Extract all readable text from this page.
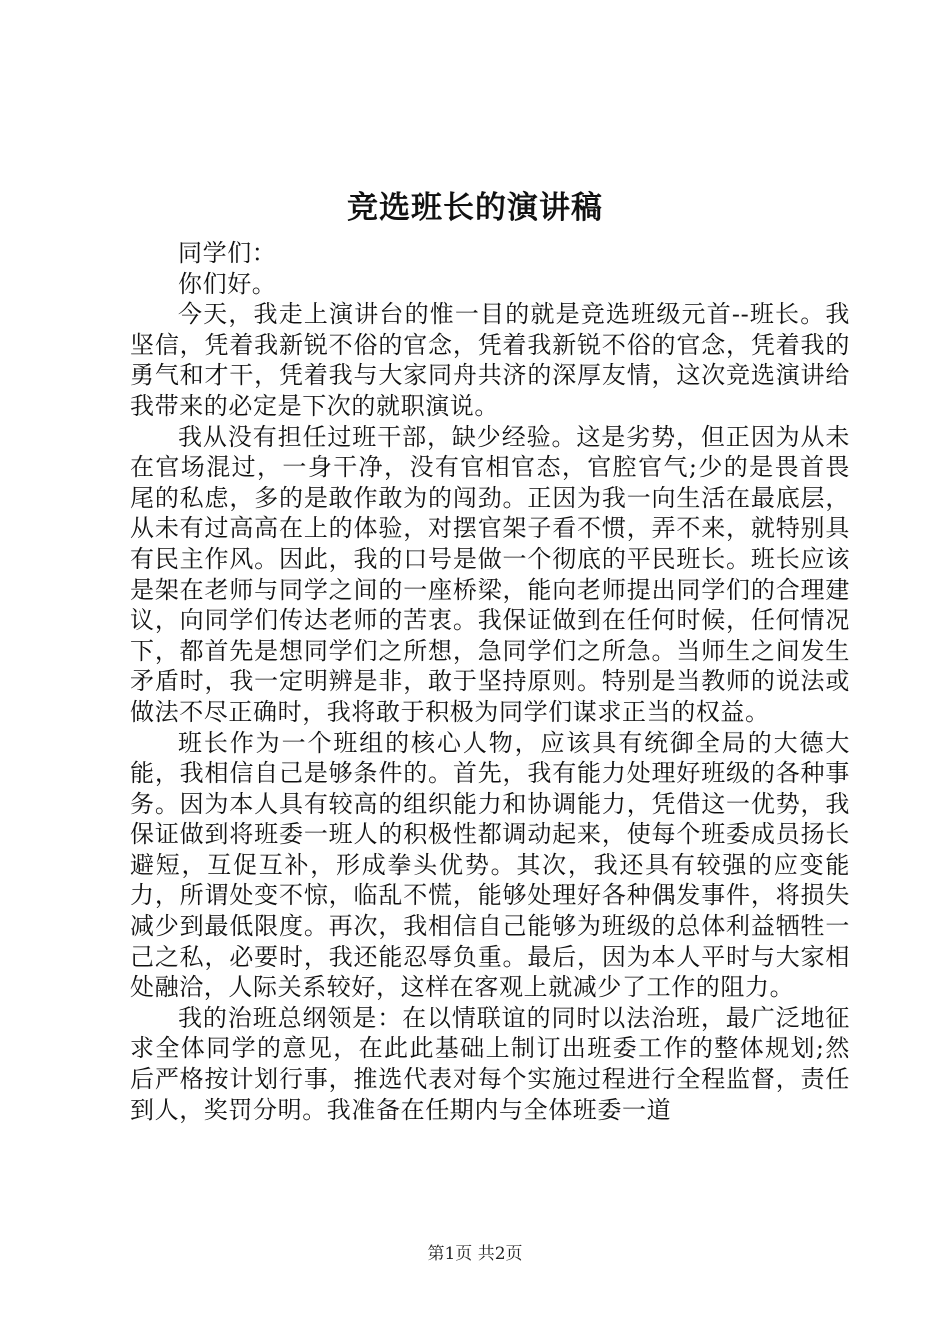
竞选班长的演讲稿

同学们：

你们好。

今天，我走上演讲台的惟一目的就是竞选班级元首--班长。我坚信，凭着我新锐不俗的官念，凭着我新锐不俗的官念，凭着我的勇气和才干，凭着我与大家同舟共济的深厚友情，这次竞选演讲给我带来的必定是下次的就职演说。

我从没有担任过班干部，缺少经验。这是劣势，但正因为从未在官场混过，一身干净，没有官相官态，官腔官气;少的是畏首畏尾的私虑，多的是敢作敢为的闯劲。正因为我一向生活在最底层，从未有过高高在上的体验，对摆官架子看不惯，弄不来，就特别具有民主作风。因此，我的口号是做一个彻底的平民班长。班长应该是架在老师与同学之间的一座桥梁，能向老师提出同学们的合理建议，向同学们传达老师的苦衷。我保证做到在任何时候，任何情况下，都首先是想同学们之所想，急同学们之所急。当师生之间发生矛盾时，我一定明辨是非，敢于坚持原则。特别是当教师的说法或做法不尽正确时，我将敢于积极为同学们谋求正当的权益。

班长作为一个班组的核心人物，应该具有统御全局的大德大能，我相信自己是够条件的。首先，我有能力处理好班级的各种事务。因为本人具有较高的组织能力和协调能力，凭借这一优势，我保证做到将班委一班人的积极性都调动起来，使每个班委成员扬长避短，互促互补，形成拳头优势。其次，我还具有较强的应变能力，所谓处变不惊，临乱不慌，能够处理好各种偶发事件，将损失减少到最低限度。再次，我相信自己能够为班级的总体利益牺牲一己之私，必要时，我还能忍辱负重。最后，因为本人平时与大家相处融洽，人际关系较好，这样在客观上就减少了工作的阻力。

我的治班总纲领是：在以情联谊的同时以法治班，最广泛地征求全体同学的意见，在此此基础上制订出班委工作的整体规划;然后严格按计划行事，推选代表对每个实施过程进行全程监督，责任到人，奖罚分明。我准备在任期内与全体班委一道

第1页 共2页
